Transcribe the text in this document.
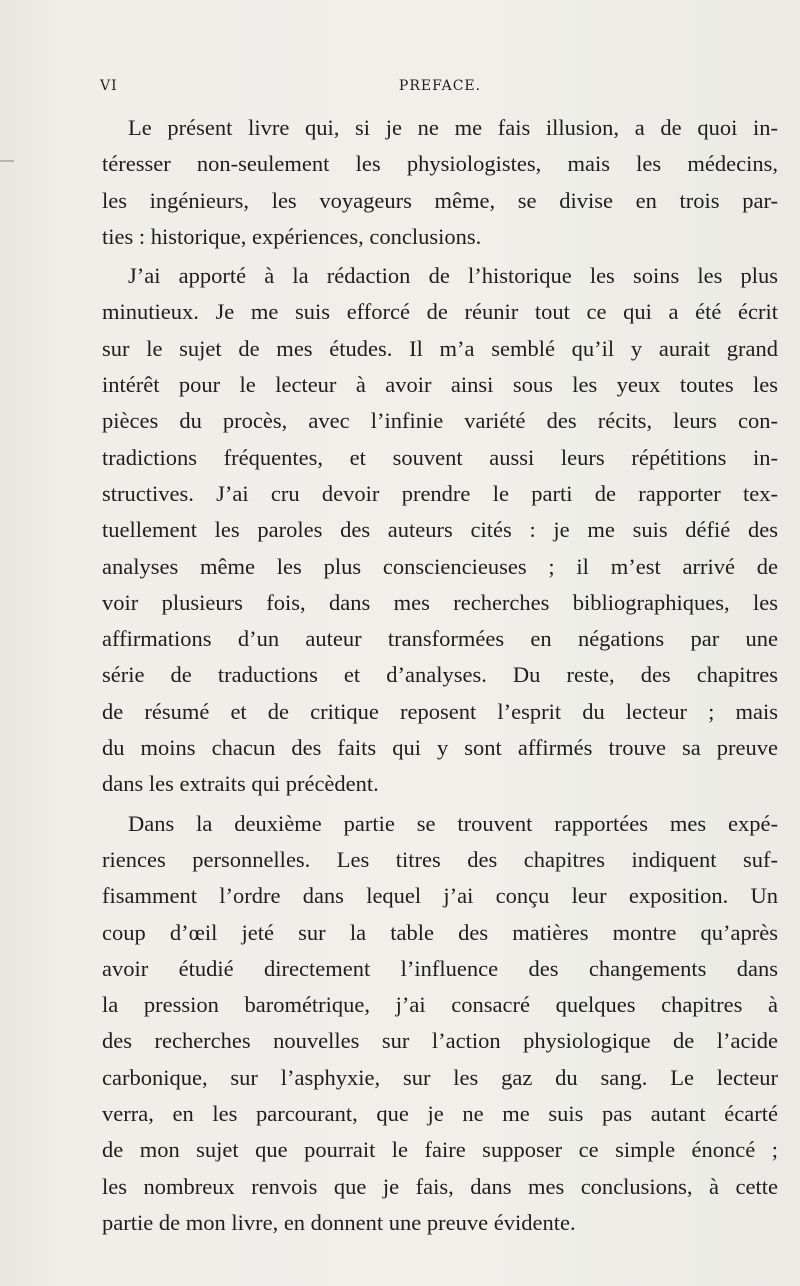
VI	PREFACE.

Le présent livre qui, si je ne me fais illusion, a de quoi in-
téresser non-seulement les physiologistes, mais les médecins,
les ingénieurs, les voyageurs même, se divise en trois par-
ties : historique, expériences, conclusions.

J’ai apporté à la rédaction de l’historique les soins les plus
minutieux. Je me suis efforcé de réunir tout ce qui a été écrit
sur le sujet de mes études. Il m’a semblé qu’il y aurait grand
intérêt pour le lecteur à avoir ainsi sous les yeux toutes les
pièces du procès, avec l’infinie variété des récits, leurs con-
tradictions fréquentes, et souvent aussi leurs répétitions in-
structives. J’ai cru devoir prendre le parti de rapporter tex-
tuellement les paroles des auteurs cités : je me suis défié des
analyses même les plus consciencieuses ; il m’est arrivé de
voir plusieurs fois, dans mes recherches bibliographiques, les
affirmations d’un auteur transformées en négations par une
série de traductions et d’analyses. Du reste, des chapitres
de résumé et de critique reposent l’esprit du lecteur ; mais
du moins chacun des faits qui y sont affirmés trouve sa preuve
dans les extraits qui précèdent.

Dans la deuxième partie se trouvent rapportées mes expé-
riences personnelles. Les titres des chapitres indiquent suf-
fisamment l’ordre dans lequel j’ai conçu leur exposition. Un
coup d’œil jeté sur la table des matières montre qu’après
avoir étudié directement l’influence des changements dans
la pression barométrique, j’ai consacré quelques chapitres à
des recherches nouvelles sur l’action physiologique de l’acide
carbonique, sur l’asphyxie, sur les gaz du sang. Le lecteur
verra, en les parcourant, que je ne me suis pas autant écarté
de mon sujet que pourrait le faire supposer ce simple énoncé ;
les nombreux renvois que je fais, dans mes conclusions, à cette
partie de mon livre, en donnent une preuve évidente.
